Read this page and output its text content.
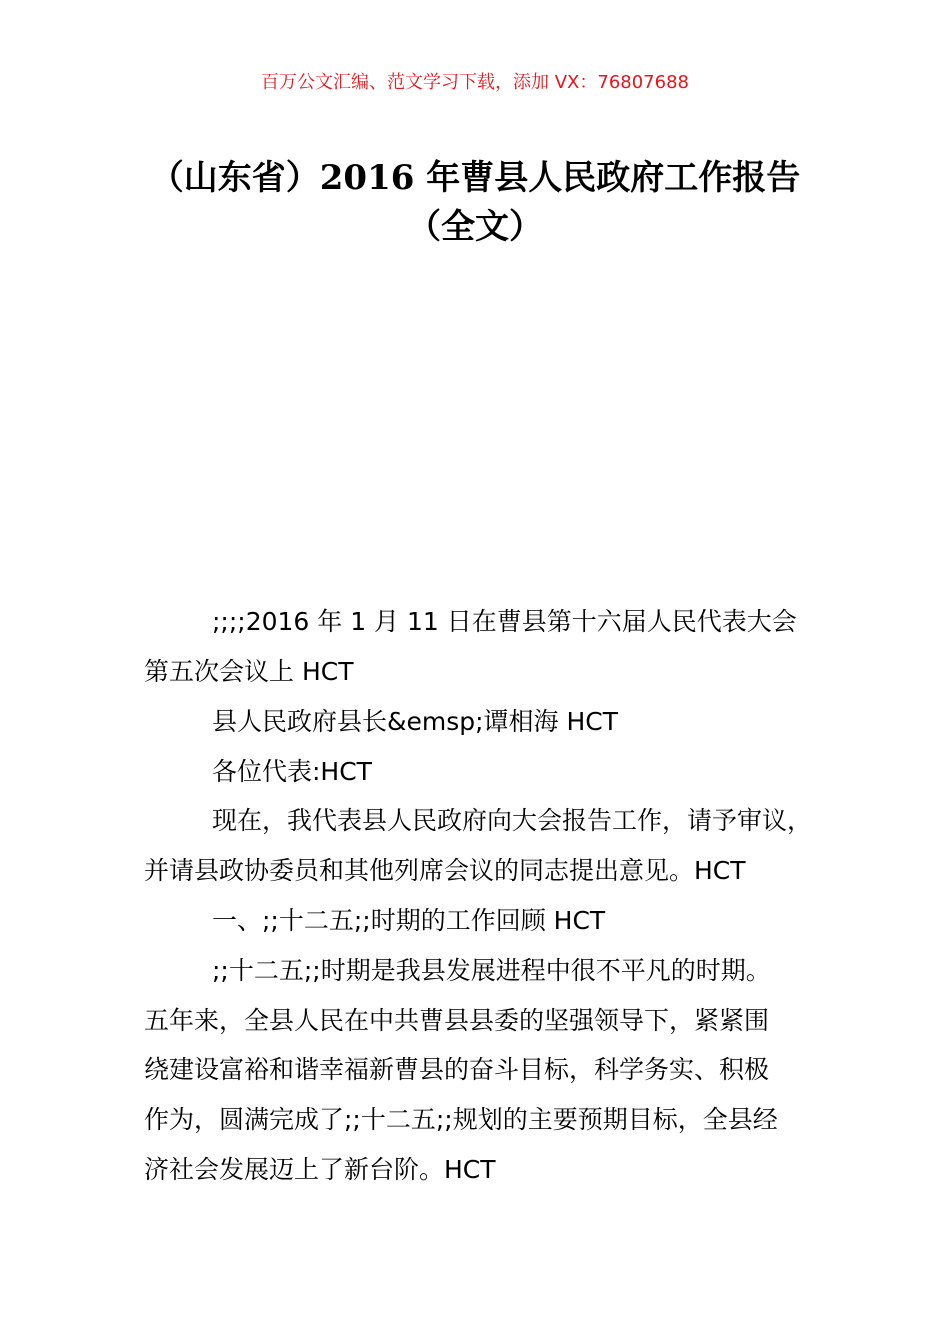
百万公文汇编、范文学习下载，添加 VX：76807688
（山东省）2016 年曹县人民政府工作报告
（全文）
;;;;2016 年 1 月 11 日在曹县第十六届人民代表大会
第五次会议上 HCT
县人民政府县长&emsp;谭相海 HCT
各位代表:HCT
现在，我代表县人民政府向大会报告工作，请予审议，
并请县政协委员和其他列席会议的同志提出意见。HCT
一、;;十二五;;时期的工作回顾 HCT
;;十二五;;时期是我县发展进程中很不平凡的时期。
五年来，全县人民在中共曹县县委的坚强领导下，紧紧围
绕建设富裕和谐幸福新曹县的奋斗目标，科学务实、积极
作为，圆满完成了;;十二五;;规划的主要预期目标，全县经
济社会发展迈上了新台阶。HCT
